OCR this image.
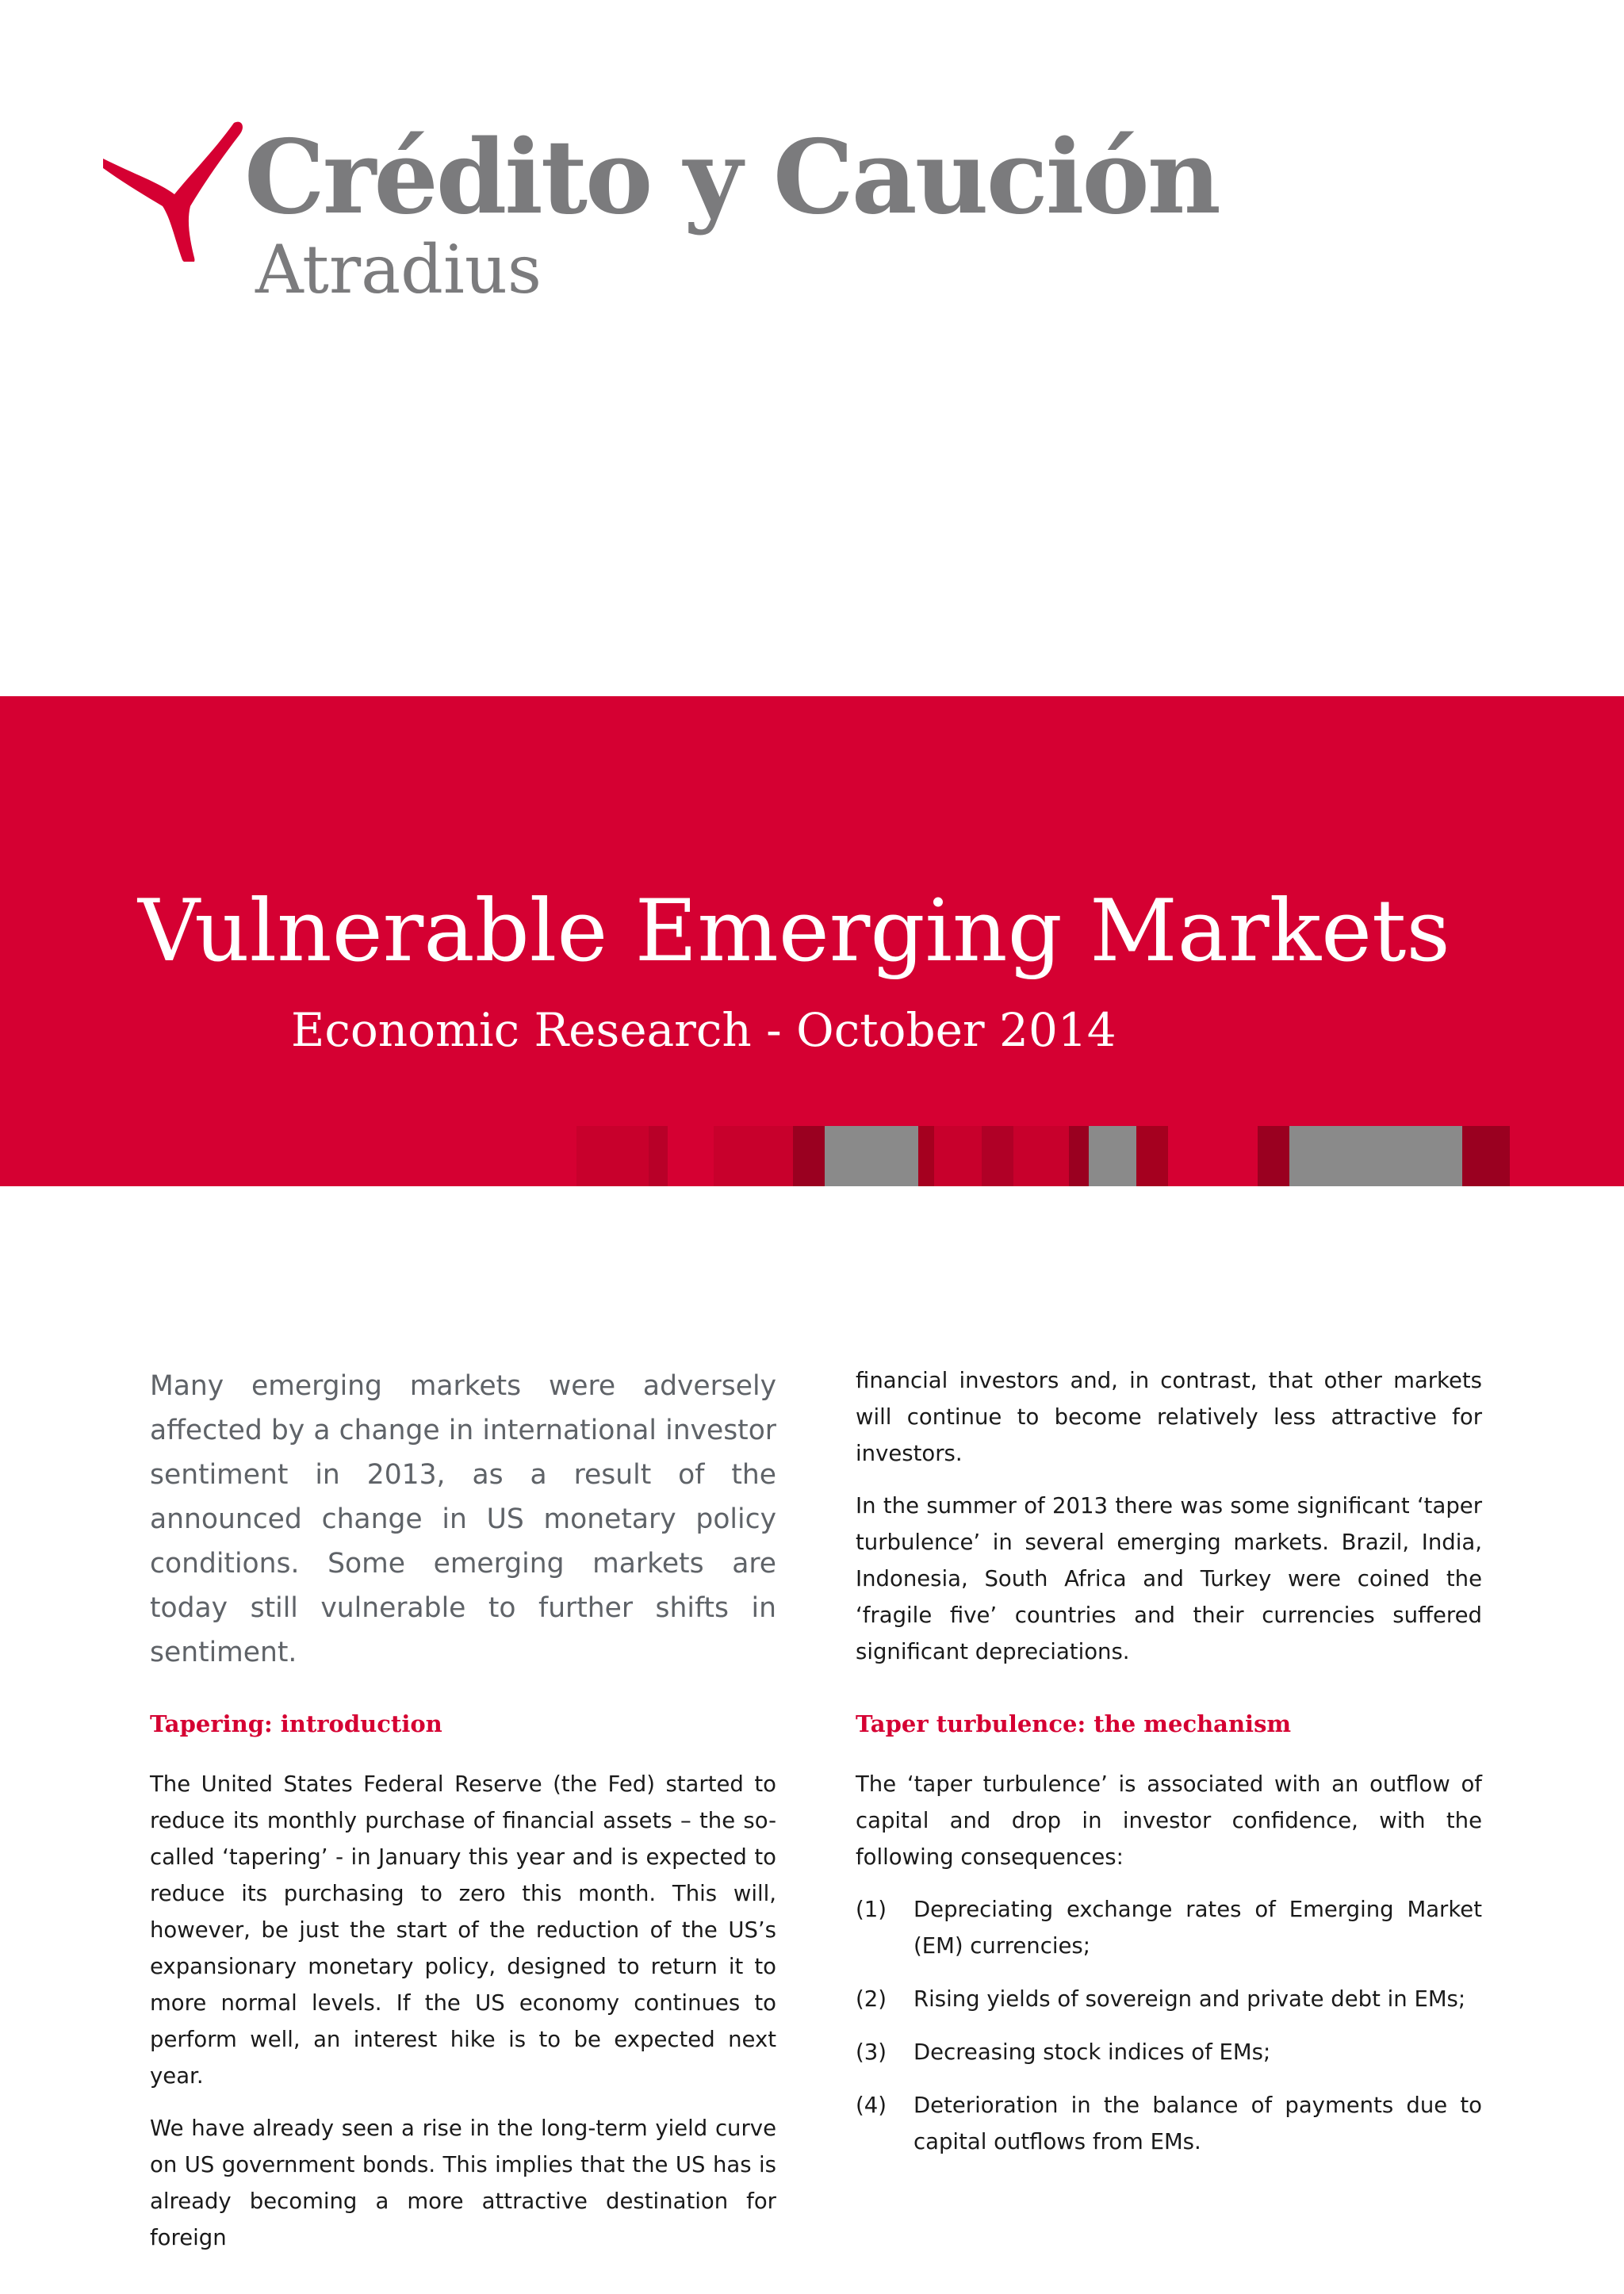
Crédito y Caución
Atradius
Vulnerable Emerging Markets
Economic Research - October 2014

Many emerging markets were adversely affected by a change in international investor sentiment in 2013, as a result of the announced change in US monetary policy conditions. Some emerging markets are today still vulnerable to further shifts in sentiment.

financial investors and, in contrast, that other markets will continue to become relatively less attractive for investors.

In the summer of 2013 there was some significant ‘taper turbulence’ in several emerging markets. Brazil, India, Indonesia, South Africa and Turkey were coined the ‘fragile five’ countries and their currencies suffered significant depreciations.

Tapering: introduction

The United States Federal Reserve (the Fed) started to reduce its monthly purchase of financial assets – the so-called ‘tapering’ - in January this year and is expected to reduce its purchasing to zero this month. This will, however, be just the start of the reduction of the US’s expansionary monetary policy, designed to return it to more normal levels. If the US economy continues to perform well, an interest hike is to be expected next year.

We have already seen a rise in the long-term yield curve on US government bonds. This implies that the US has is already becoming a more attractive destination for foreign

Taper turbulence: the mechanism

The ‘taper turbulence’ is associated with an outflow of capital and drop in investor confidence, with the following consequences:

(1) Depreciating exchange rates of Emerging Market (EM) currencies;
(2) Rising yields of sovereign and private debt in EMs;
(3) Decreasing stock indices of EMs;
(4) Deterioration in the balance of payments due to capital outflows from EMs.
